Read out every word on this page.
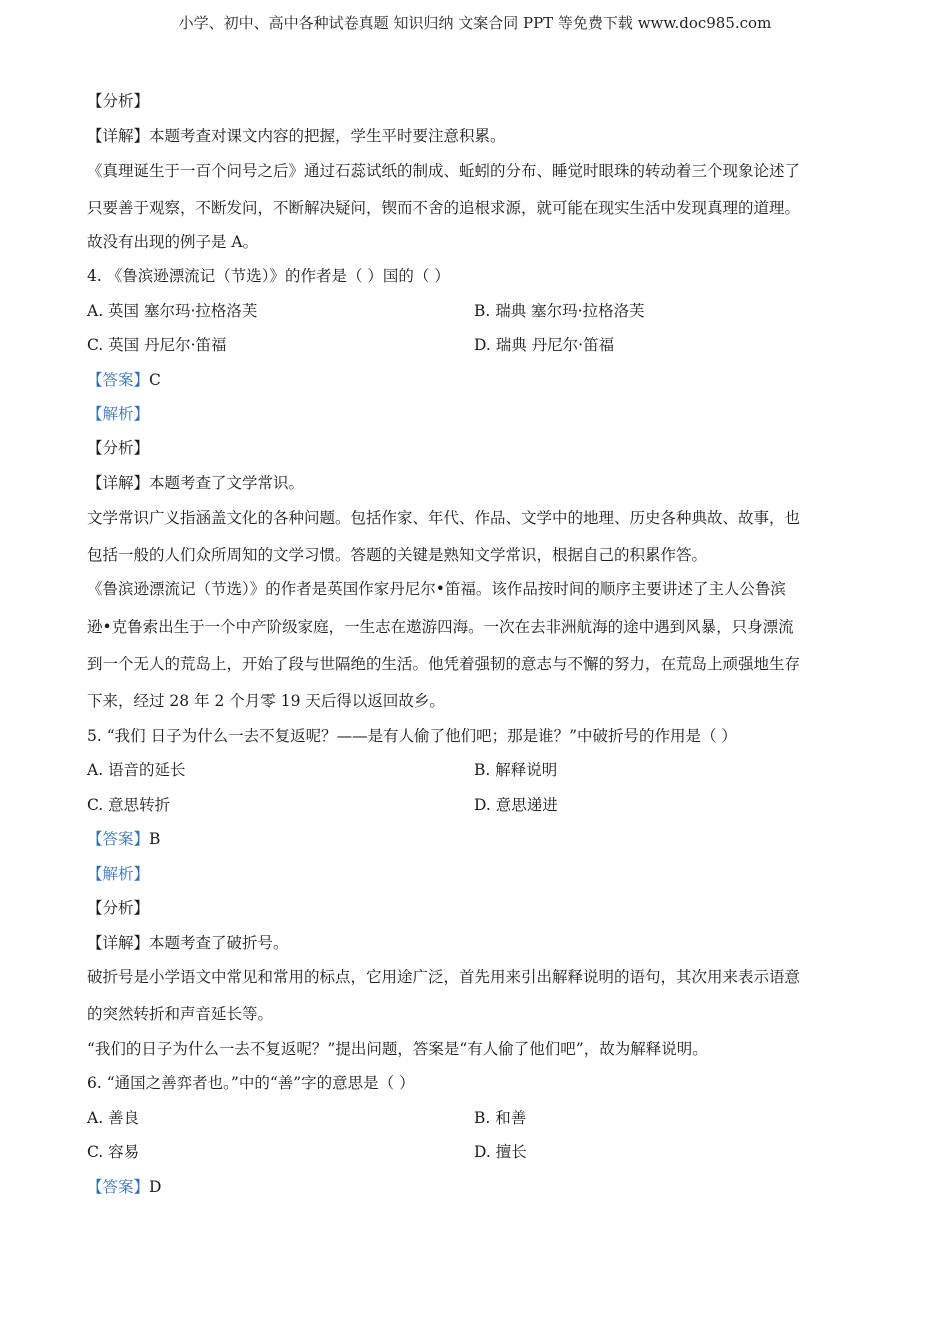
小学、初中、高中各种试卷真题 知识归纳 文案合同 PPT 等免费下载 www.doc985.com
【分析】
【详解】本题考查对课文内容的把握，学生平时要注意积累。
《真理诞生于一百个问号之后》通过石蕊试纸的制成、蚯蚓的分布、睡觉时眼珠的转动着三个现象论述了
只要善于观察，不断发问，不断解决疑问，锲而不舍的追根求源，就可能在现实生活中发现真理的道理。
故没有出现的例子是 A。
4. 《鲁滨逊漂流记（节选）》的作者是（ ）国的（ ）
A. 英国 塞尔玛·拉格洛芙	B. 瑞典 塞尔玛·拉格洛芙
C. 英国 丹尼尔·笛福	D. 瑞典 丹尼尔·笛福
【答案】C
【解析】
【分析】
【详解】本题考查了文学常识。
文学常识广义指涵盖文化的各种问题。包括作家、年代、作品、文学中的地理、历史各种典故、故事，也
包括一般的人们众所周知的文学习惯。答题的关键是熟知文学常识，根据自己的积累作答。
《鲁滨逊漂流记（节选）》的作者是英国作家丹尼尔•笛福。该作品按时间的顺序主要讲述了主人公鲁滨
逊•克鲁索出生于一个中产阶级家庭，一生志在遨游四海。一次在去非洲航海的途中遇到风暴，只身漂流
到一个无人的荒岛上，开始了段与世隔绝的生活。他凭着强韧的意志与不懈的努力，在荒岛上顽强地生存
下来，经过 28 年 2 个月零 19 天后得以返回故乡。
5. “我们 日子为什么一去不复返呢？——是有人偷了他们吧；那是谁？”中破折号的作用是（ ）
A. 语音的延长	B. 解释说明
C. 意思转折	D. 意思递进
【答案】B
【解析】
【分析】
【详解】本题考查了破折号。
破折号是小学语文中常见和常用的标点，它用途广泛，首先用来引出解释说明的语句，其次用来表示语意
的突然转折和声音延长等。
“我们的日子为什么一去不复返呢？”提出问题，答案是“有人偷了他们吧”，故为解释说明。
6. “通国之善弈者也。”中的“善”字的意思是（ ）
A. 善良	B. 和善
C. 容易	D. 擅长
【答案】D
